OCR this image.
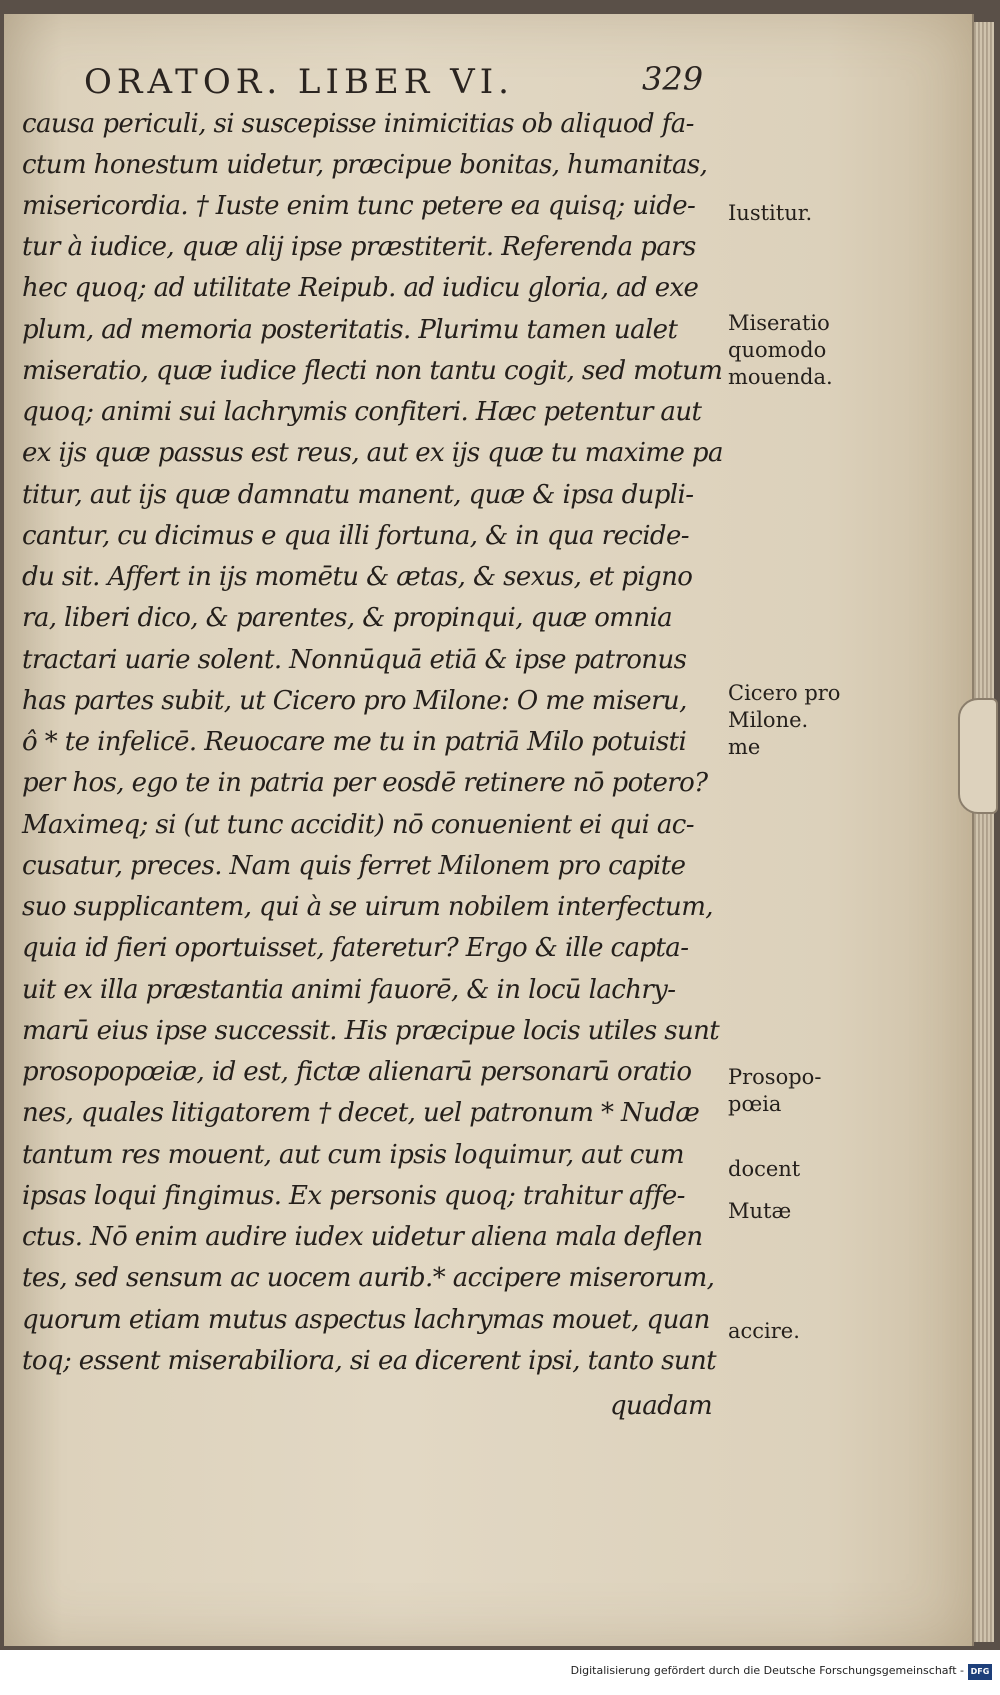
ORATOR. LIBER VI.	329
causa periculi, si suscepisse inimicitias ob aliquod fa-
ctum honestum uidetur, præcipue bonitas, humanitas,
misericordia. † Iuste enim tunc petere ea quisq; uide-
tur à iudice, quæ alij ipse præstiterit. Referenda pars
hec quoq; ad utilitate Reipub. ad iudicu gloria, ad exe
plum, ad memoria posteritatis. Plurimu tamen ualet
miseratio, quæ iudice flecti non tantu cogit, sed motum
quoq; animi sui lachrymis confiteri. Hæc petentur aut
ex ijs quæ passus est reus, aut ex ijs quæ tu maxime pa
titur, aut ijs quæ damnatu manent, quæ & ipsa dupli-
cantur, cu dicimus e qua illi fortuna, & in qua recide-
du sit. Affert in ijs momētu & ætas, & sexus, et pigno
ra, liberi dico, & parentes, & propinqui, quæ omnia
tractari uarie solent. Nonnūquā etiā & ipse patronus
has partes subit, ut Cicero pro Milone: O me miseru,
ô * te infelicē. Reuocare me tu in patriā Milo potuisti
per hos, ego te in patria per eosdē retinere nō potero?
Maximeq; si (ut tunc accidit) nō conuenient ei qui ac-
cusatur, preces. Nam quis ferret Milonem pro capite
suo supplicantem, qui à se uirum nobilem interfectum,
quia id fieri oportuisset, fateretur? Ergo & ille capta-
uit ex illa præstantia animi fauorē, & in locū lachry-
marū eius ipse successit. His præcipue locis utiles sunt
prosopopœiæ, id est, fictæ alienarū personarū oratio
nes, quales litigatorem † decet, uel patronum * Nudæ
tantum res mouent, aut cum ipsis loquimur, aut cum
ipsas loqui fingimus. Ex personis quoq; trahitur affe-
ctus. Nō enim audire iudex uidetur aliena mala deflen
tes, sed sensum ac uocem aurib.* accipere miserorum,
quorum etiam mutus aspectus lachrymas mouet, quan
toq; essent miserabiliora, si ea dicerent ipsi, tanto sunt
quadam
Iustitur.
Miseratio
quomodo
mouenda.
Cicero pro
Milone.
me
Prosopo-
pœia
docent
Mutæ
accire.
Digitalisierung gefördert durch die Deutsche Forschungsgemeinschaft - DFG
